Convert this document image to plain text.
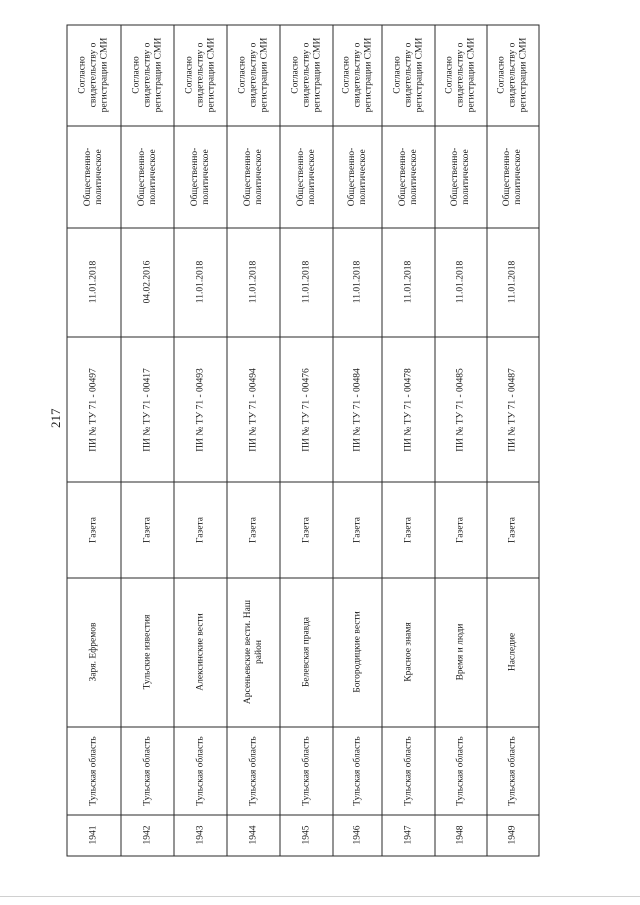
217
1941
Тульская область
Заря. Ефремов
Газета
ПИ № ТУ 71 - 00497
11.01.2018
Общественно-политическое
Согласно свидетельству о регистрации СМИ
1942
Тульская область
Тульские известия
Газета
ПИ № ТУ 71 - 00417
04.02.2016
Общественно-политическое
Согласно свидетельству о регистрации СМИ
1943
Тульская область
Алексинские вести
Газета
ПИ № ТУ 71 - 00493
11.01.2018
Общественно-политическое
Согласно свидетельству о регистрации СМИ
1944
Тульская область
Арсеньевские вести. Наш район
Газета
ПИ № ТУ 71 - 00494
11.01.2018
Общественно-политическое
Согласно свидетельству о регистрации СМИ
1945
Тульская область
Белевская правда
Газета
ПИ № ТУ 71 - 00476
11.01.2018
Общественно-политическое
Согласно свидетельству о регистрации СМИ
1946
Тульская область
Богородицкие вести
Газета
ПИ № ТУ 71 - 00484
11.01.2018
Общественно-политическое
Согласно свидетельству о регистрации СМИ
1947
Тульская область
Красное знамя
Газета
ПИ № ТУ 71 - 00478
11.01.2018
Общественно-политическое
Согласно свидетельству о регистрации СМИ
1948
Тульская область
Время и люди
Газета
ПИ № ТУ 71 - 00485
11.01.2018
Общественно-политическое
Согласно свидетельству о регистрации СМИ
1949
Тульская область
Наследие
Газета
ПИ № ТУ 71 - 00487
11.01.2018
Общественно-политическое
Согласно свидетельству о регистрации СМИ
